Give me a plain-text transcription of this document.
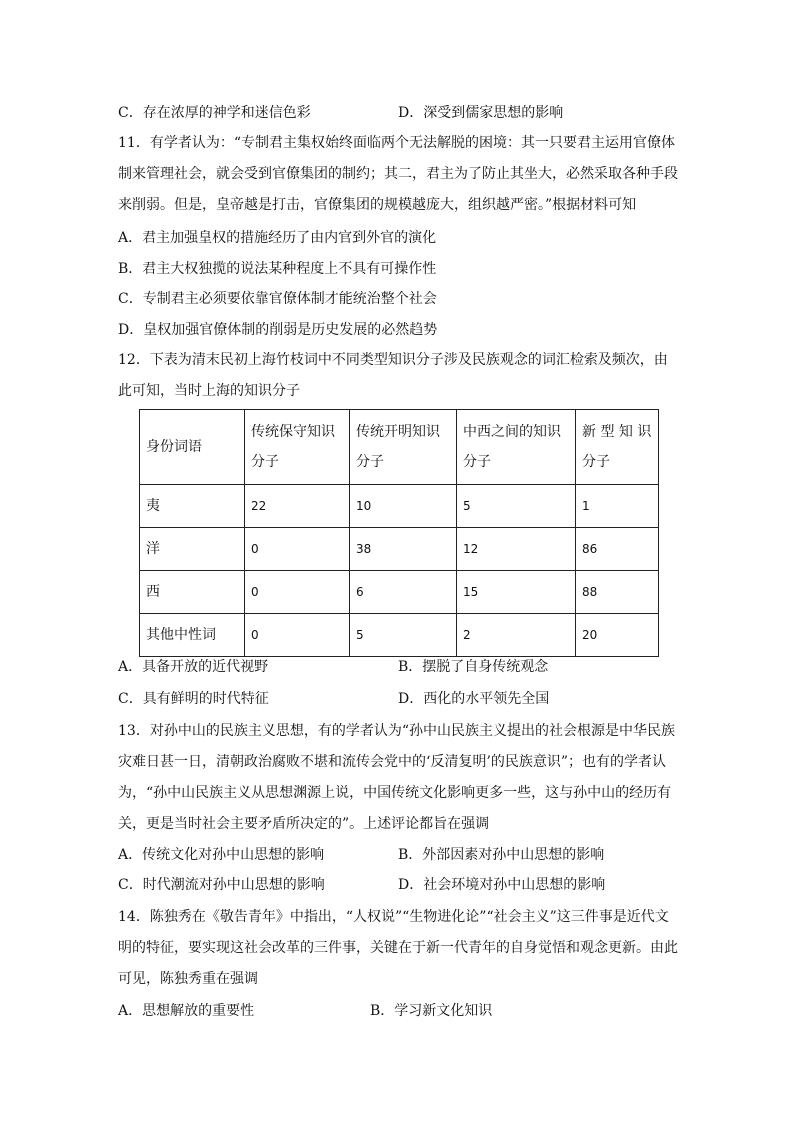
C．存在浓厚的神学和迷信色彩	D．深受到儒家思想的影响
11．有学者认为：“专制君主集权始终面临两个无法解脱的困境：其一只要君主运用官僚体制来管理社会，就会受到官僚集团的制约；其二，君主为了防止其坐大，必然采取各种手段来削弱。但是，皇帝越是打击，官僚集团的规模越庞大，组织越严密。”根据材料可知
A．君主加强皇权的措施经历了由内官到外官的演化
B．君主大权独揽的说法某种程度上不具有可操作性
C．专制君主必须要依靠官僚体制才能统治整个社会
D．皇权加强官僚体制的削弱是历史发展的必然趋势
12．下表为清末民初上海竹枝词中不同类型知识分子涉及民族观念的词汇检索及频次，由此可知，当时上海的知识分子
身份词语	传统保守知识分子	传统开明知识分子	中西之间的知识分子	新 型 知 识分子
夷	22	10	5	1
洋	0	38	12	86
西	0	6	15	88
其他中性词	0	5	2	20
A．具备开放的近代视野	B．摆脱了自身传统观念
C．具有鲜明的时代特征	D．西化的水平领先全国
13．对孙中山的民族主义思想，有的学者认为“孙中山民族主义提出的社会根源是中华民族灾难日甚一日，清朝政治腐败不堪和流传会党中的‘反清复明’的民族意识”；也有的学者认为，“孙中山民族主义从思想渊源上说，中国传统文化影响更多一些，这与孙中山的经历有关，更是当时社会主要矛盾所决定的”。上述评论都旨在强调
A．传统文化对孙中山思想的影响	B．外部因素对孙中山思想的影响
C．时代潮流对孙中山思想的影响	D．社会环境对孙中山思想的影响
14．陈独秀在《敬告青年》中指出，“人权说”“生物进化论”“社会主义”这三件事是近代文明的特征，要实现这社会改革的三件事，关键在于新一代青年的自身觉悟和观念更新。由此可见，陈独秀重在强调
A．思想解放的重要性	B．学习新文化知识
